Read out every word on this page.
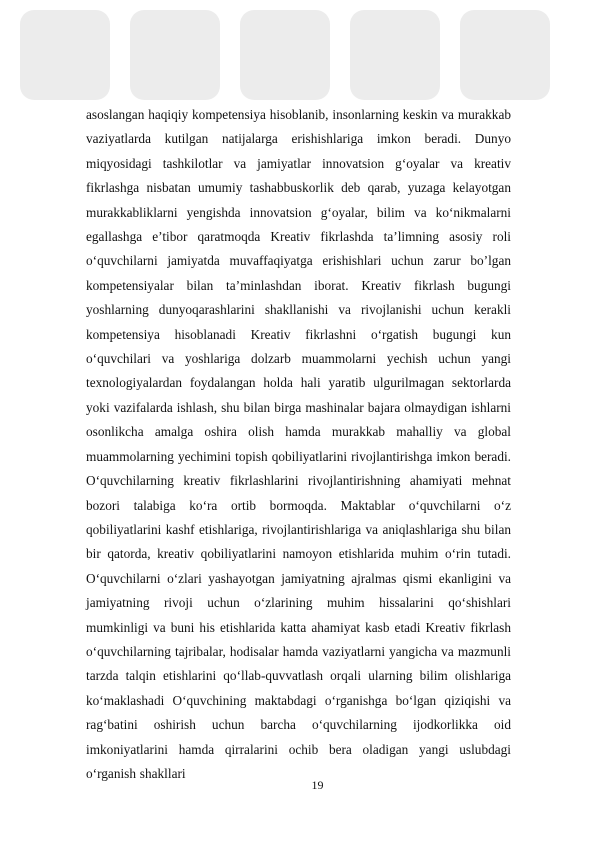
asoslangan haqiqiy kompetensiya hisoblanib, insonlarning keskin va murakkab vaziyatlarda kutilgan natijalarga erishishlariga imkon beradi. Dunyo miqyosidagi tashkilotlar va jamiyatlar innovatsion g‘oyalar va kreativ fikrlashga nisbatan umumiy tashabbuskorlik deb qarab, yuzaga kelayotgan murakkabliklarni yengishda innovatsion g‘oyalar, bilim va ko‘nikmalarni egallashga e’tibor qaratmoqda Kreativ fikrlashda ta’limning asosiy roli o‘quvchilarni jamiyatda muvaffaqiyatga erishishlari uchun zarur bo’lgan kompetensiyalar bilan ta’minlashdan iborat. Kreativ fikrlash bugungi yoshlarning dunyoqarashlarini shakllanishi va rivojlanishi uchun kerakli kompetensiya hisoblanadi Kreativ fikrlashni o‘rgatish bugungi kun o‘quvchilari va yoshlariga dolzarb muammolarni yechish uchun yangi texnologiyalardan foydalangan holda hali yaratib ulgurilmagan sektorlarda yoki vazifalarda ishlash, shu bilan birga mashinalar bajara olmaydigan ishlarni osonlikcha amalga oshira olish hamda murakkab mahalliy va global muammolarning yechimini topish qobiliyatlarini rivojlantirishga imkon beradi. O‘quvchilarning kreativ fikrlashlarini rivojlantirishning ahamiyati mehnat bozori talabiga ko‘ra ortib bormoqda. Maktablar o‘quvchilarni o‘z qobiliyatlarini kashf etishlariga, rivojlantirishlariga va aniqlashlariga shu bilan bir qatorda, kreativ qobiliyatlarini namoyon etishlarida muhim o‘rin tutadi. O‘quvchilarni o‘zlari yashayotgan jamiyatning ajralmas qismi ekanligini va jamiyatning rivoji uchun o‘zlarining muhim hissalarini qo‘shishlari mumkinligi va buni his etishlarida katta ahamiyat kasb etadi Kreativ fikrlash o‘quvchilarning tajribalar, hodisalar hamda vaziyatlarni yangicha va mazmunli tarzda talqin etishlarini qo‘llab-quvvatlash orqali ularning bilim olishlariga ko‘maklashadi O‘quvchining maktabdagi o‘rganishga bo‘lgan qiziqishi va rag‘batini oshirish uchun barcha o‘quvchilarning ijodkorlikka oid imkoniyatlarini hamda qirralarini ochib bera oladigan yangi uslubdagi o‘rganish shakllari

19
